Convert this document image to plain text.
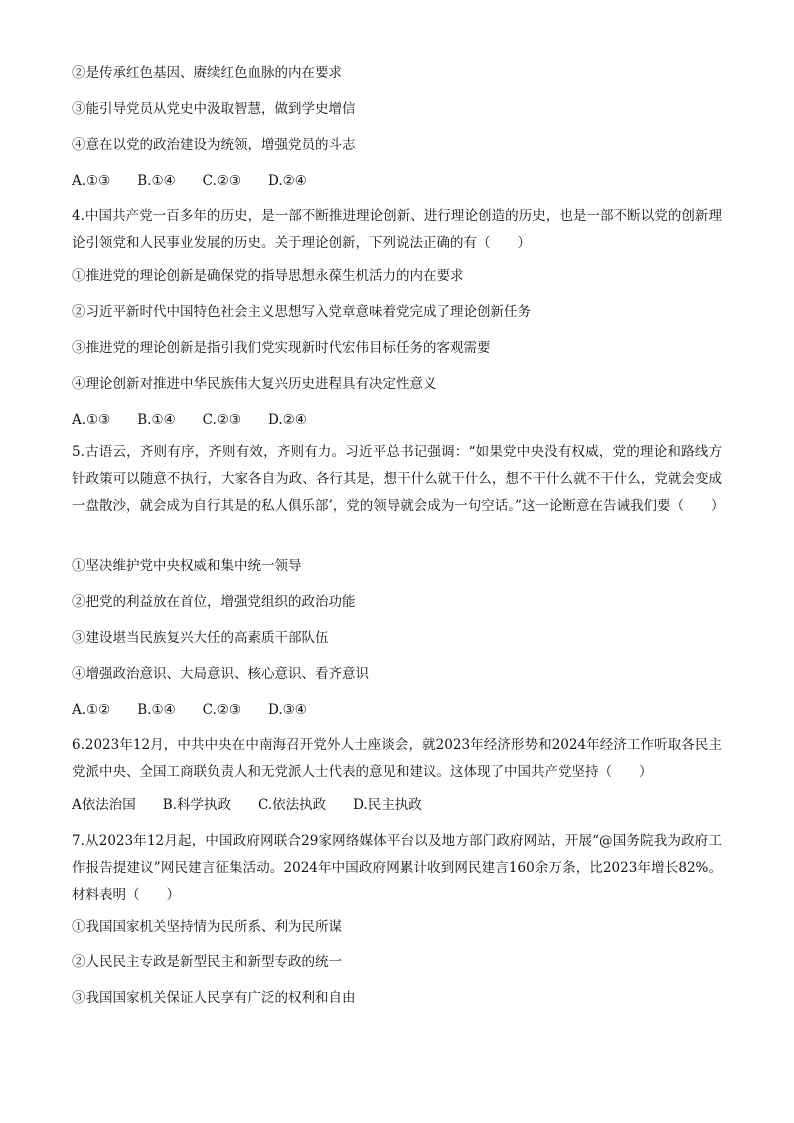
②是传承红色基因、赓续红色血脉的内在要求
③能引导党员从党史中汲取智慧，做到学史增信
④意在以党的政治建设为统领，增强党员的斗志
A.①③ B.①④ C.②③ D.②④
4.中国共产党一百多年的历史，是一部不断推进理论创新、进行理论创造的历史，也是一部不断以党的创新理论引领党和人民事业发展的历史。关于理论创新，下列说法正确的有（　　）
①推进党的理论创新是确保党的指导思想永葆生机活力的内在要求
②习近平新时代中国特色社会主义思想写入党章意味着党完成了理论创新任务
③推进党的理论创新是指引我们党实现新时代宏伟目标任务的客观需要
④理论创新对推进中华民族伟大复兴历史进程具有决定性意义
A.①③ B.①④ C.②③ D.②④
5.古语云，齐则有序，齐则有效，齐则有力。习近平总书记强调：“如果党中央没有权威，党的理论和路线方针政策可以随意不执行，大家各自为政、各行其是，想干什么就干什么，想不干什么就不干什么，党就会变成一盘散沙，就会成为自行其是的私人俱乐部’，党的领导就会成为一句空话。”这一论断意在告诫我们要（　　）
①坚决维护党中央权威和集中统一领导
②把党的利益放在首位，增强党组织的政治功能
③建设堪当民族复兴大任的高素质干部队伍
④增强政治意识、大局意识、核心意识、看齐意识
A.①② B.①④ C.②③ D.③④
6.2023年12月，中共中央在中南海召开党外人士座谈会，就2023年经济形势和2024年经济工作听取各民主党派中央、全国工商联负责人和无党派人士代表的意见和建议。这体现了中国共产党坚持（　　）
A依法治国 B.科学执政 C.依法执政 D.民主执政
7.从2023年12月起，中国政府网联合29家网络媒体平台以及地方部门政府网站，开展“@国务院我为政府工作报告提建议”网民建言征集活动。2024年中国政府网累计收到网民建言160余万条，比2023年增长82%。材料表明（　　）
①我国国家机关坚持情为民所系、利为民所谋
②人民民主专政是新型民主和新型专政的统一
③我国国家机关保证人民享有广泛的权利和自由
